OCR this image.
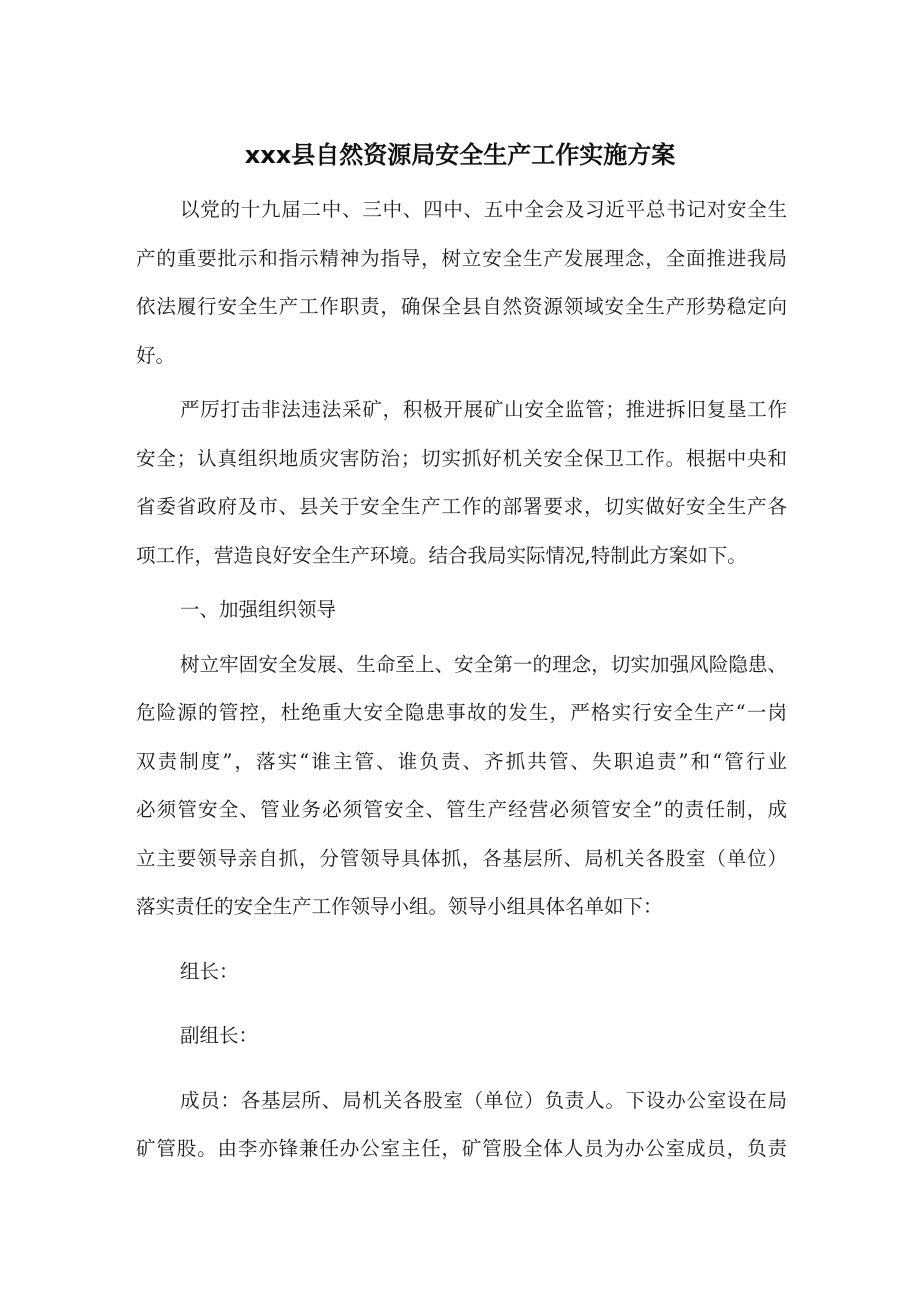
xxx县自然资源局安全生产工作实施方案
以党的十九届二中、三中、四中、五中全会及习近平总书记对安全生
产的重要批示和指示精神为指导，树立安全生产发展理念，全面推进我局
依法履行安全生产工作职责，确保全县自然资源领域安全生产形势稳定向
好。
严厉打击非法违法采矿，积极开展矿山安全监管；推进拆旧复垦工作
安全；认真组织地质灾害防治；切实抓好机关安全保卫工作。根据中央和
省委省政府及市、县关于安全生产工作的部署要求，切实做好安全生产各
项工作，营造良好安全生产环境。结合我局实际情况,特制此方案如下。
一、加强组织领导
树立牢固安全发展、生命至上、安全第一的理念，切实加强风险隐患、
危险源的管控，杜绝重大安全隐患事故的发生，严格实行安全生产“一岗
双责制度”，落实“谁主管、谁负责、齐抓共管、失职追责”和“管行业
必须管安全、管业务必须管安全、管生产经营必须管安全”的责任制，成
立主要领导亲自抓，分管领导具体抓，各基层所、局机关各股室（单位）
落实责任的安全生产工作领导小组。领导小组具体名单如下：
组长：
副组长：
成员：各基层所、局机关各股室（单位）负责人。下设办公室设在局
矿管股。由李亦锋兼任办公室主任，矿管股全体人员为办公室成员，负责
